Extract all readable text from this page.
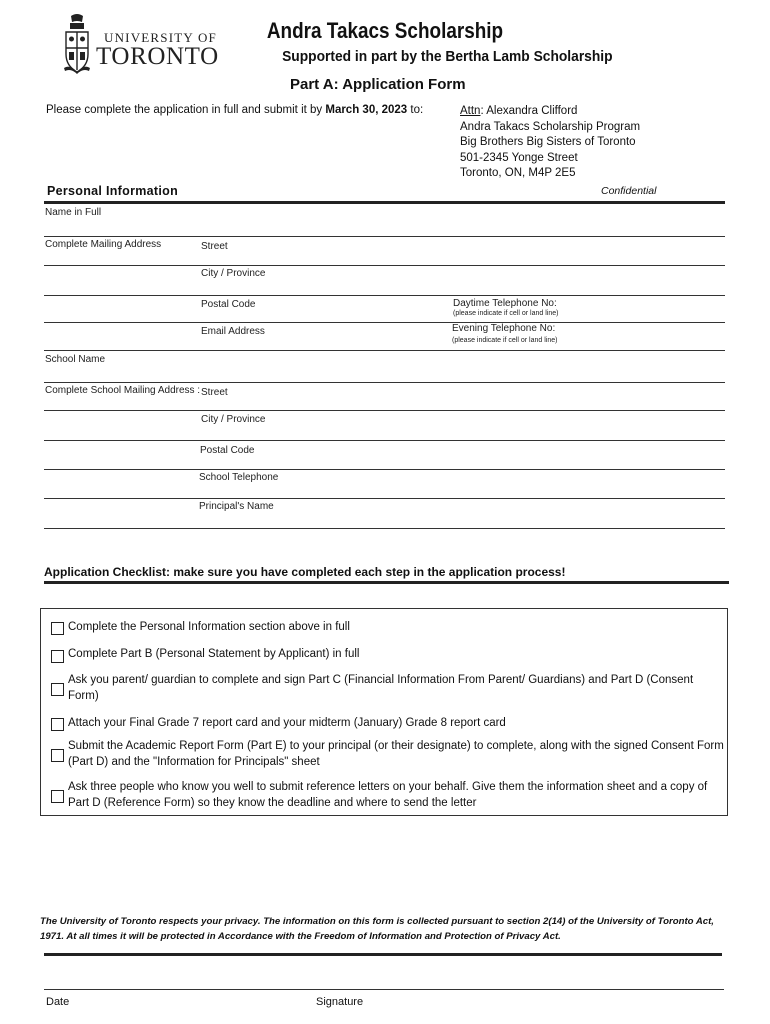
UNIVERSITY OF
TORONTO
Andra Takacs Scholarship
Supported in part by the Bertha Lamb Scholarship
Part A: Application Form
Please complete the application in full and submit it by March 30, 2023 to:	Attn: Alexandra Clifford
Andra Takacs Scholarship Program
Big Brothers Big Sisters of Toronto
501-2345 Yonge Street
Toronto, ON, M4P 2E5
Personal Information	Confidential
Name in Full
Complete Mailing Address	Street
City / Province
Postal Code	Daytime Telephone No:
(please indicate if cell or land line)
Email Address	Evening Telephone No:
(please indicate if cell or land line)
School Name
Complete School Mailing Address : Street
City / Province
Postal Code
School Telephone
Principal's Name
Application Checklist: make sure you have completed each step in the application process!
Complete the Personal Information section above in full
Complete Part B (Personal Statement by Applicant) in full
Ask you parent/ guardian to complete and sign Part C (Financial Information From Parent/ Guardians) and Part D (Consent Form)
Attach your Final Grade 7 report card and your midterm (January) Grade 8 report card
Submit the Academic Report Form (Part E) to your principal (or their designate) to complete, along with the signed Consent Form (Part D) and the "Information for Principals" sheet
Ask three people who know you well to submit reference letters on your behalf. Give them the information sheet and a copy of Part D (Reference Form) so they know the deadline and where to send the letter
The University of Toronto respects your privacy. The information on this form is collected pursuant to section 2(14) of the University of Toronto Act, 1971. At all times it will be protected in Accordance with the Freedom of Information and Protection of Privacy Act.
Date	Signature
